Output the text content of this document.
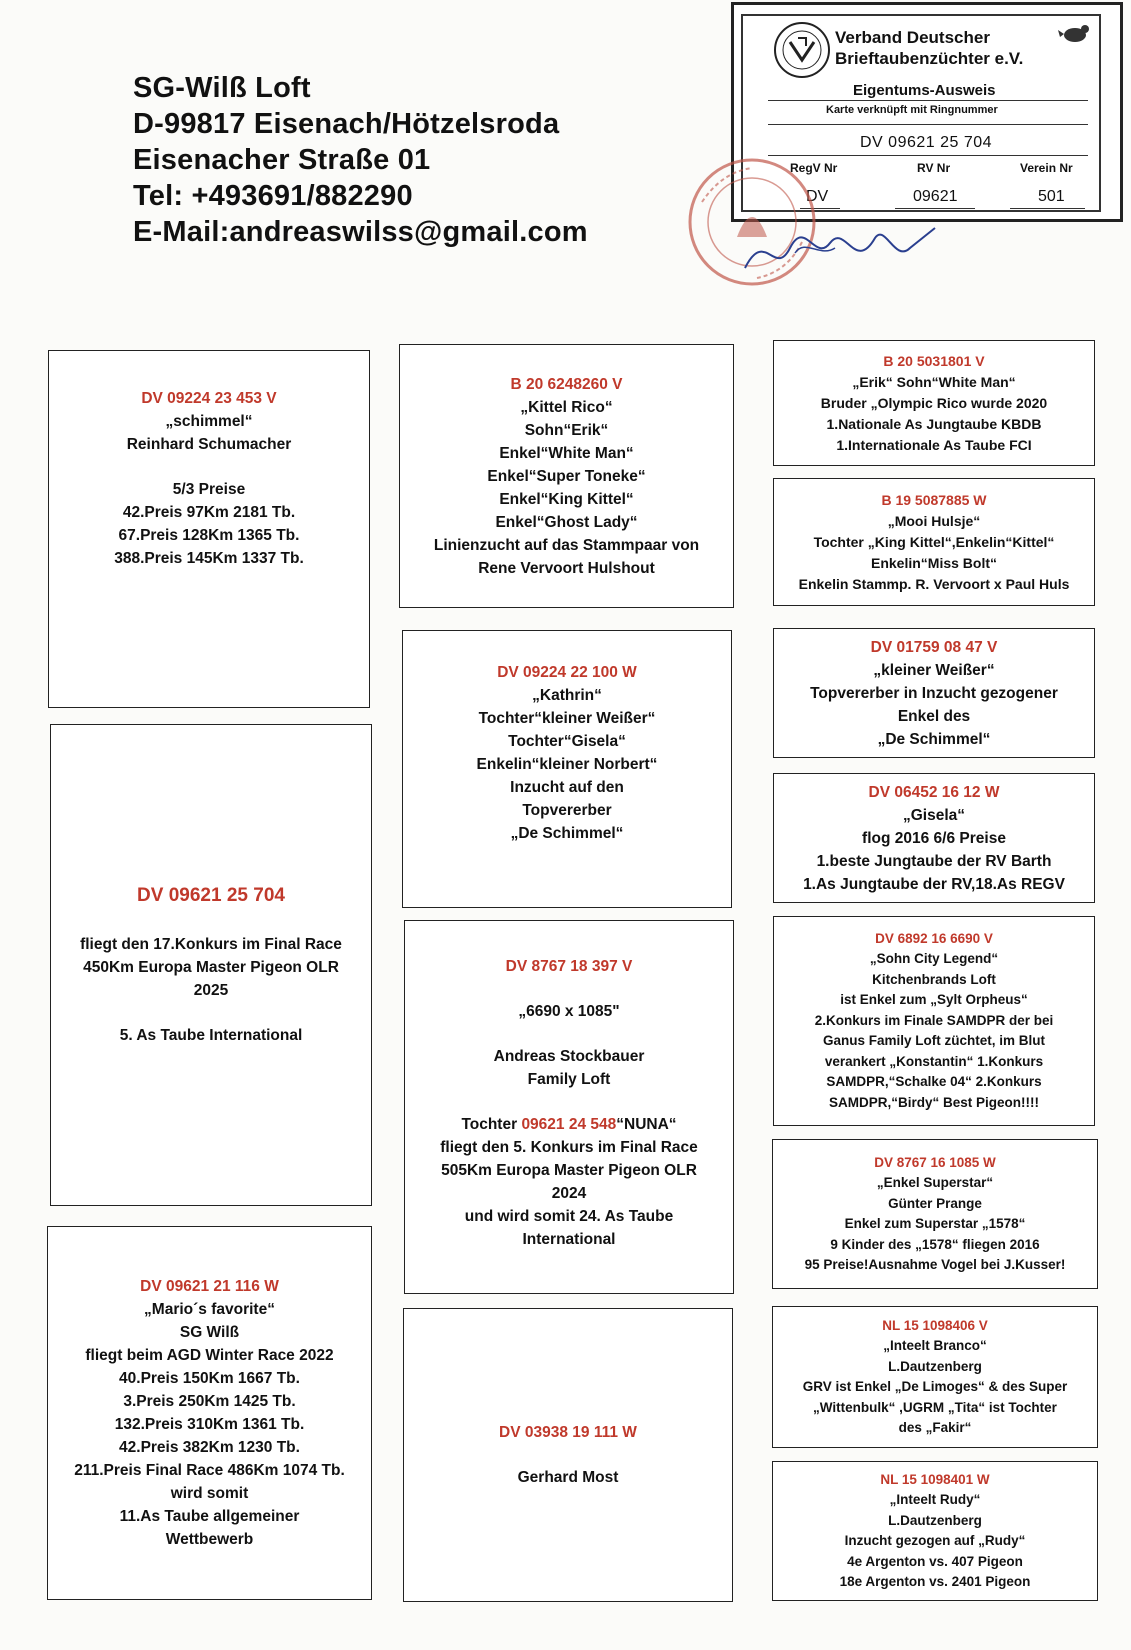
SG-Wilß Loft
D-99817 Eisenach/Hötzelsroda
Eisenacher Straße 01
Tel: +493691/882290
E-Mail:andreaswilss@gmail.com
Verband Deutscher
Brieftaubenzüchter e.V.
Eigentums-Ausweis
Karte verknüpft mit Ringnummer
DV 09621 25 704
RegV Nr	RV Nr	Verein Nr
DV	09621	501
DV 09224 23 453 V
„schimmel“
Reinhard Schumacher
5/3 Preise
42.Preis 97Km 2181 Tb.
67.Preis 128Km 1365 Tb.
388.Preis 145Km 1337 Tb.
DV 09621 25 704
fliegt den 17.Konkurs im Final Race
450Km Europa Master Pigeon OLR
2025
5. As Taube International
DV 09621 21 116 W
„Mario´s favorite“
SG Wilß
fliegt beim AGD Winter Race 2022
40.Preis 150Km 1667 Tb.
3.Preis 250Km 1425 Tb.
132.Preis 310Km 1361 Tb.
42.Preis 382Km 1230 Tb.
211.Preis Final Race 486Km 1074 Tb.
wird somit
11.As Taube allgemeiner
Wettbewerb
B 20 6248260 V
„Kittel Rico“
Sohn“Erik“
Enkel“White Man“
Enkel“Super Toneke“
Enkel“King Kittel“
Enkel“Ghost Lady“
Linienzucht auf das Stammpaar von
Rene Vervoort Hulshout
DV 09224 22 100 W
„Kathrin“
Tochter“kleiner Weißer“
Tochter“Gisela“
Enkelin“kleiner Norbert“
Inzucht auf den
Topvererber
„De Schimmel“
DV 8767 18 397 V
„6690 x 1085"
Andreas Stockbauer
Family Loft
Tochter 09621 24 548“NUNA“
fliegt den 5. Konkurs im Final Race
505Km Europa Master Pigeon OLR
2024
und wird somit 24. As Taube
International
DV 03938 19 111 W
Gerhard Most
B 20 5031801 V
„Erik“ Sohn“White Man“
Bruder „Olympic Rico wurde 2020
1.Nationale As Jungtaube KBDB
1.Internationale As Taube FCI
B 19 5087885 W
„Mooi Hulsje“
Tochter „King Kittel“,Enkelin“Kittel“
Enkelin“Miss Bolt“
Enkelin Stammp. R. Vervoort x Paul Huls
DV 01759 08 47 V
„kleiner Weißer“
Topvererber in Inzucht gezogener
Enkel des
„De Schimmel“
DV 06452 16 12 W
„Gisela“
flog 2016 6/6 Preise
1.beste Jungtaube der RV Barth
1.As Jungtaube der RV,18.As REGV
DV 6892 16 6690 V
„Sohn City Legend“
Kitchenbrands Loft
ist Enkel zum „Sylt Orpheus“
2.Konkurs im Finale SAMDPR der bei
Ganus Family Loft züchtet, im Blut
verankert „Konstantin“ 1.Konkurs
SAMDPR,“Schalke 04“ 2.Konkurs
SAMDPR,“Birdy“ Best Pigeon!!!!
DV 8767 16 1085 W
„Enkel Superstar“
Günter Prange
Enkel zum Superstar „1578“
9 Kinder des „1578“ fliegen 2016
95 Preise!Ausnahme Vogel bei J.Kusser!
NL 15 1098406 V
„Inteelt Branco“
L.Dautzenberg
GRV ist Enkel „De Limoges“ & des Super
„Wittenbulk“ ,UGRM „Tita“ ist Tochter
des „Fakir“
NL 15 1098401 W
„Inteelt Rudy“
L.Dautzenberg
Inzucht gezogen auf „Rudy“
4e Argenton vs. 407 Pigeon
18e Argenton vs. 2401 Pigeon
